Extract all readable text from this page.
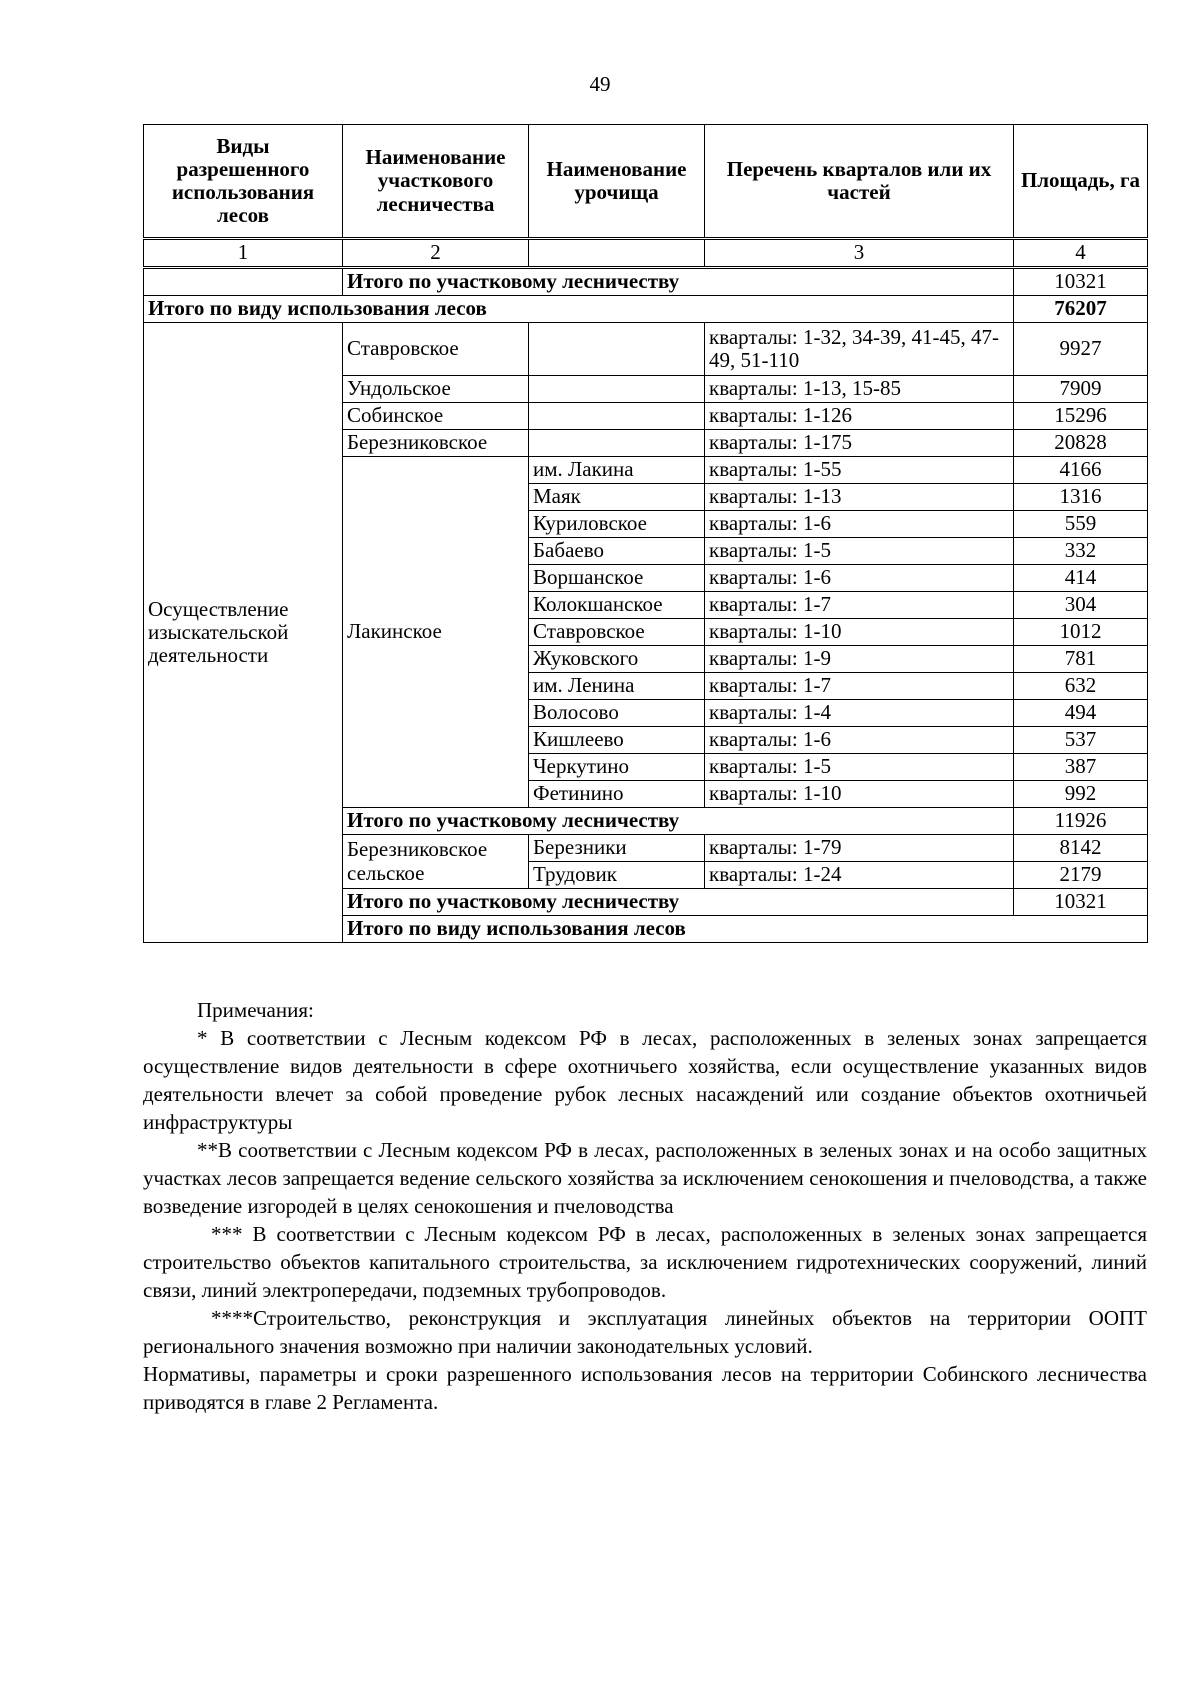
49
Виды разрешенного использования лесов	Наименование участкового лесничества	Наименование урочища	Перечень кварталов или их частей	Площадь, га	
1	2		3	4	
	Итого по участковому лесничеству			10321	
Итого по виду использования лесов				76207	
Осуществление изыскательской деятельности	Ставровское		кварталы: 1-32, 34-39, 41-45, 47-49, 51-110	9927	
	Ундольское		кварталы: 1-13, 15-85	7909	
	Собинское		кварталы: 1-126	15296	
	Березниковское		кварталы: 1-175	20828	
	Лакинское	им. Лакина	кварталы: 1-55	4166	
		Маяк	кварталы: 1-13	1316	
		Куриловское	кварталы: 1-6	559	
		Бабаево	кварталы: 1-5	332	
		Воршанское	кварталы: 1-6	414	
		Колокшанское	кварталы: 1-7	304	
		Ставровское	кварталы: 1-10	1012	
		Жуковского	кварталы: 1-9	781	
		им. Ленина	кварталы: 1-7	632	
		Волосово	кварталы: 1-4	494	
		Кишлеево	кварталы: 1-6	537	
		Черкутино	кварталы: 1-5	387	
		Фетинино	кварталы: 1-10	992	
	Итого по участковому лесничеству			11926	
	Березниковское сельское	Березники	кварталы: 1-79	8142	
		Трудовик	кварталы: 1-24	2179	
	Итого по участковому лесничеству			10321	
	Итого по виду использования лесов	

Примечания:

* В соответствии с Лесным кодексом РФ в лесах, расположенных в зеленых зонах запрещается осуществление видов деятельности в сфере охотничьего хозяйства, если осуществление указанных видов деятельности влечет за собой проведение рубок лесных насаждений или создание объектов охотничьей инфраструктуры

**В соответствии с Лесным кодексом РФ в лесах, расположенных в зеленых зонах и на особо защитных участках лесов запрещается ведение сельского хозяйства за исключением сенокошения и пчеловодства, а также возведение изгородей в целях сенокошения и пчеловодства

*** В соответствии с Лесным кодексом РФ в лесах, расположенных в зеленых зонах запрещается строительство объектов капитального строительства, за исключением гидротехнических сооружений, линий связи, линий электропередачи, подземных трубопроводов.

****Строительство, реконструкция и эксплуатация линейных объектов на территории ООПТ регионального значения возможно при наличии законодательных условий.

Нормативы, параметры и сроки разрешенного использования лесов на территории Собинского лесничества приводятся в главе 2 Регламента.
